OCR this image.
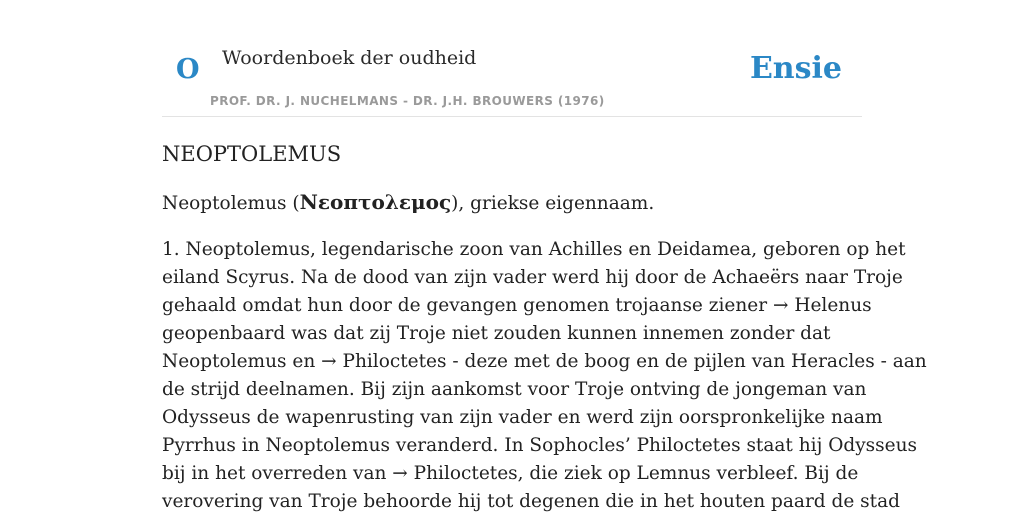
O Woordenboek der oudheid
PROF. DR. J. NUCHELMANS - DR. J.H. BROUWERS (1976)
Ensie
NEOPTOLEMUS

Neoptolemus (Νεοπτολεμος), griekse eigennaam.

1. Neoptolemus, legendarische zoon van Achilles en Deidamea, geboren op het
eiland Scyrus. Na de dood van zijn vader werd hij door de Achaeërs naar Troje
gehaald omdat hun door de gevangen genomen trojaanse ziener → Helenus
geopenbaard was dat zij Troje niet zouden kunnen innemen zonder dat
Neoptolemus en → Philoctetes - deze met de boog en de pijlen van Heracles - aan
de strijd deelnamen. Bij zijn aankomst voor Troje ontving de jongeman van
Odysseus de wapenrusting van zijn vader en werd zijn oorspronkelijke naam
Pyrrhus in Neoptolemus veranderd. In Sophocles’ Philoctetes staat hij Odysseus
bij in het overreden van → Philoctetes, die ziek op Lemnus verbleef. Bij de
verovering van Troje behoorde hij tot degenen die in het houten paard de stad
